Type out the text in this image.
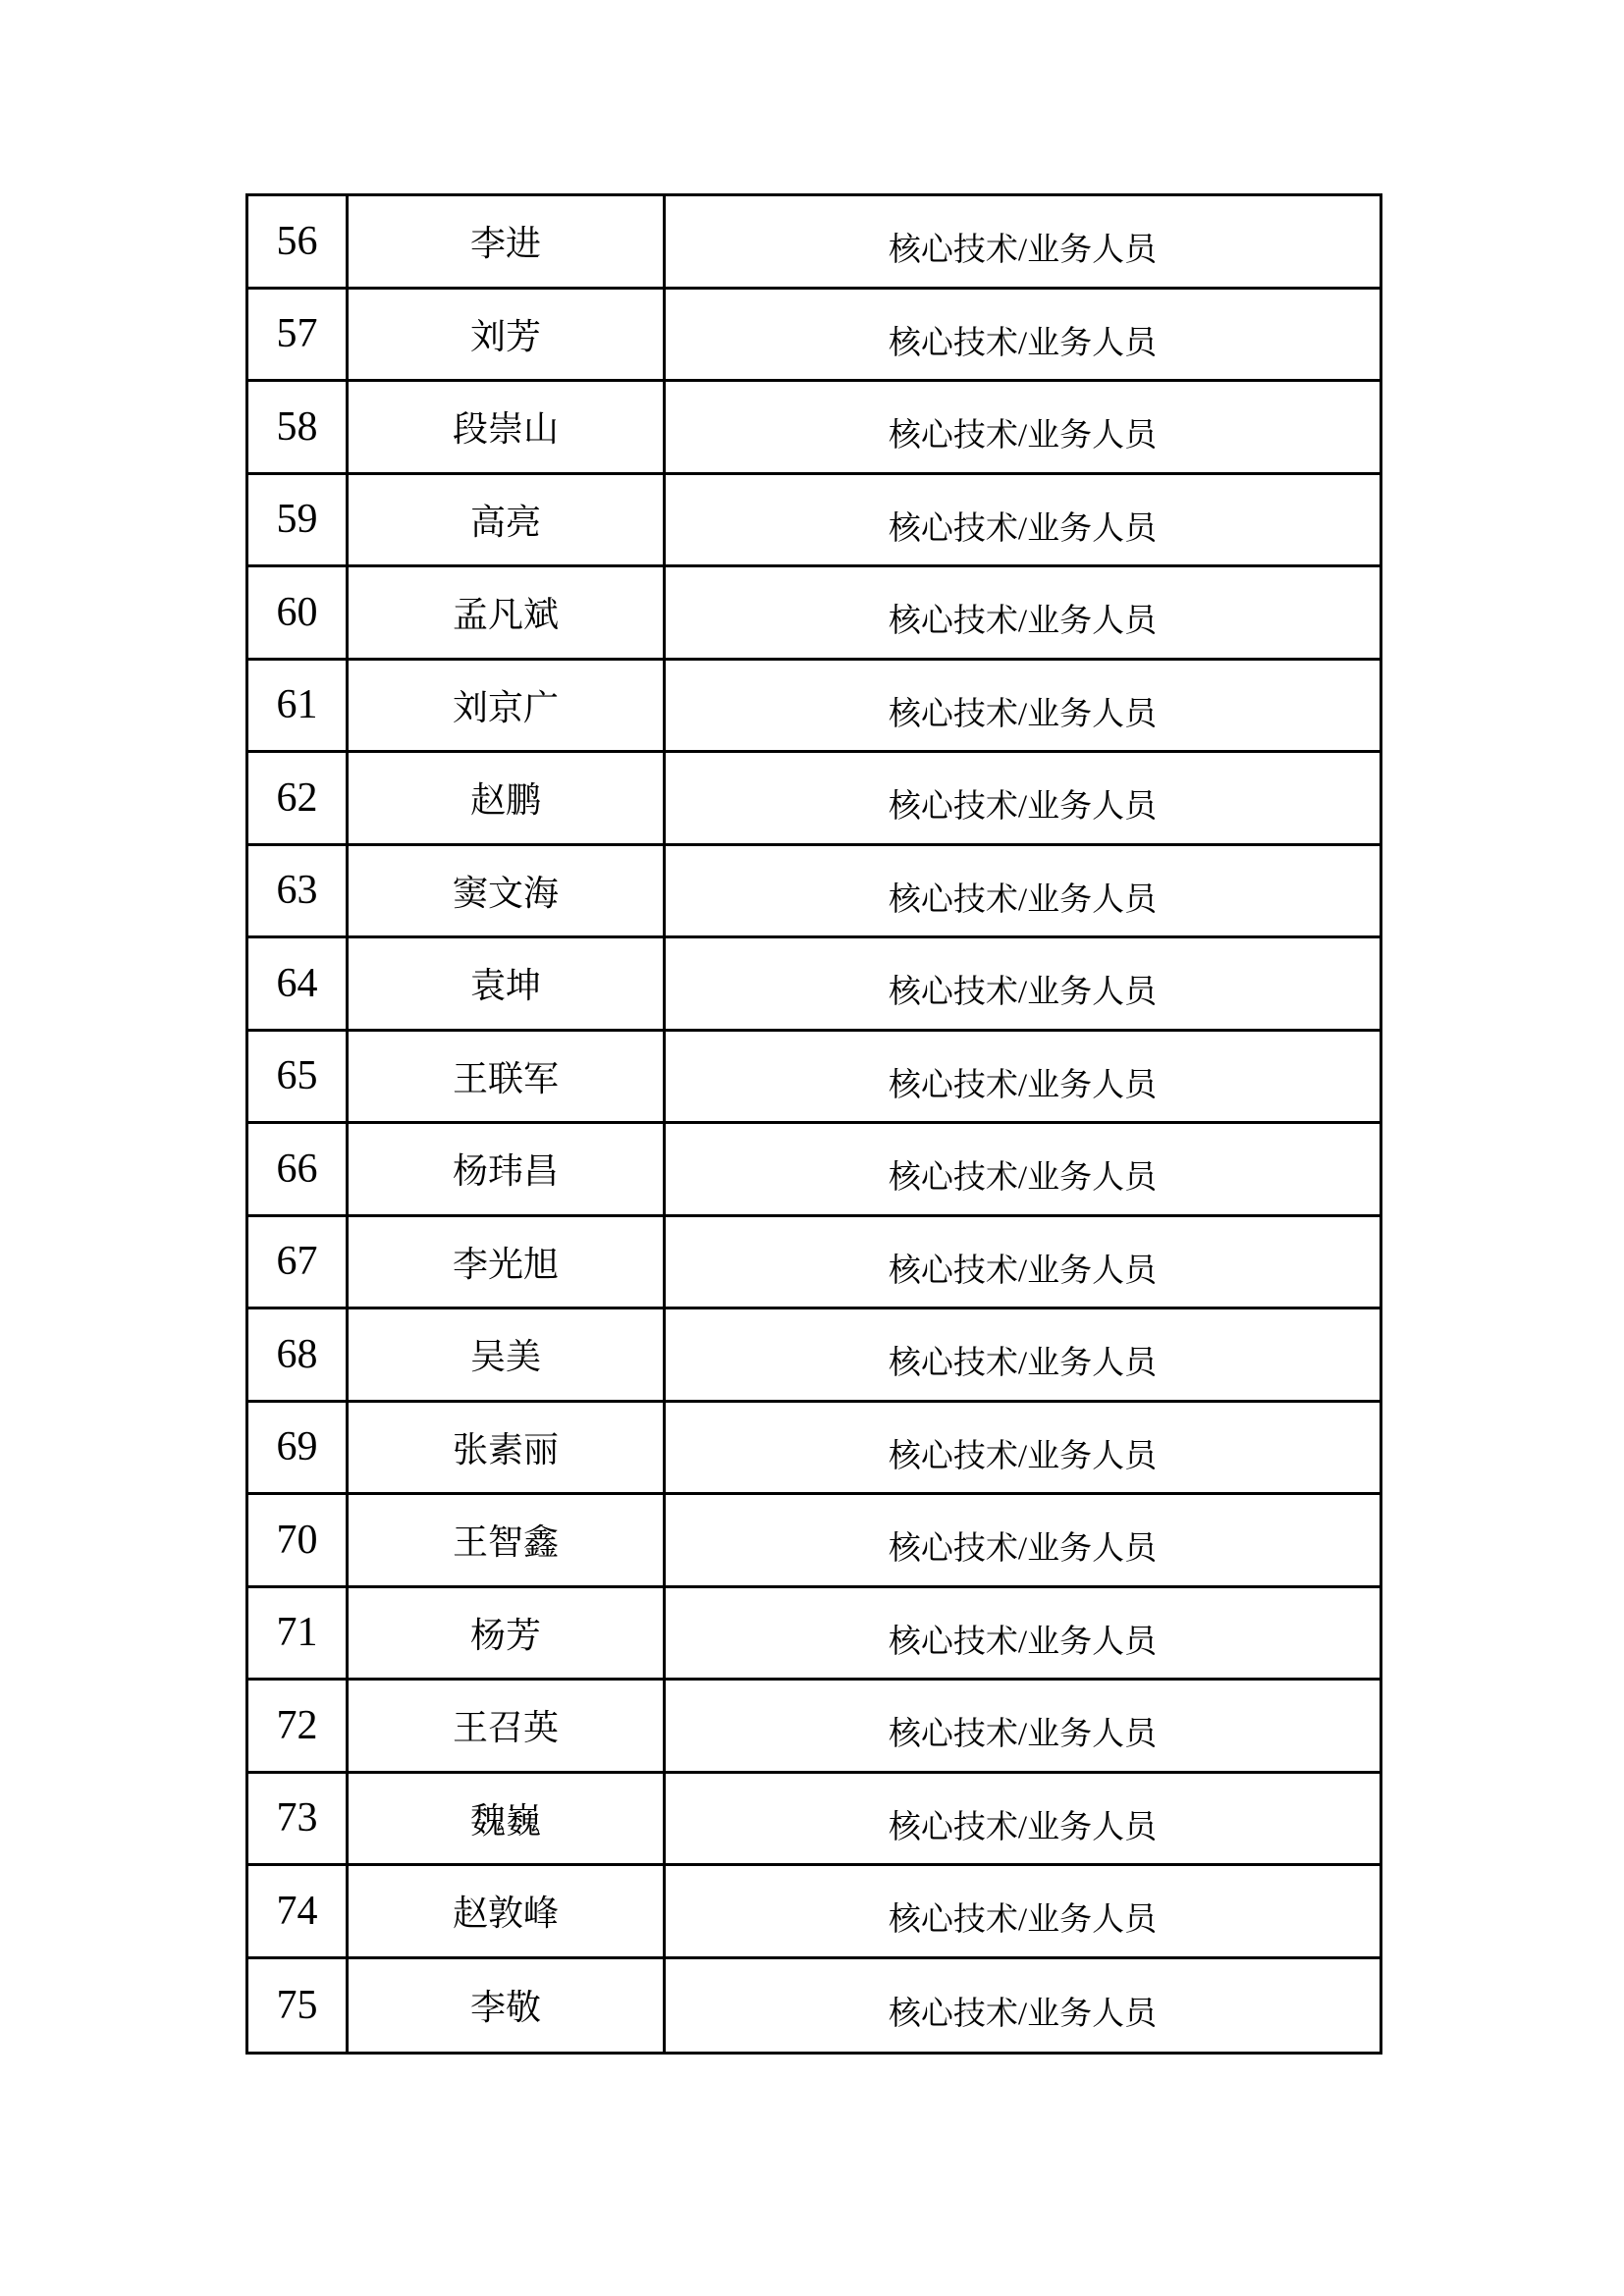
56	李进	核心技术/业务人员
57	刘芳	核心技术/业务人员
58	段崇山	核心技术/业务人员
59	高亮	核心技术/业务人员
60	孟凡斌	核心技术/业务人员
61	刘京广	核心技术/业务人员
62	赵鹏	核心技术/业务人员
63	窦文海	核心技术/业务人员
64	袁坤	核心技术/业务人员
65	王联军	核心技术/业务人员
66	杨玮昌	核心技术/业务人员
67	李光旭	核心技术/业务人员
68	吴美	核心技术/业务人员
69	张素丽	核心技术/业务人员
70	王智鑫	核心技术/业务人员
71	杨芳	核心技术/业务人员
72	王召英	核心技术/业务人员
73	魏巍	核心技术/业务人员
74	赵敦峰	核心技术/业务人员
75	李敬	核心技术/业务人员
